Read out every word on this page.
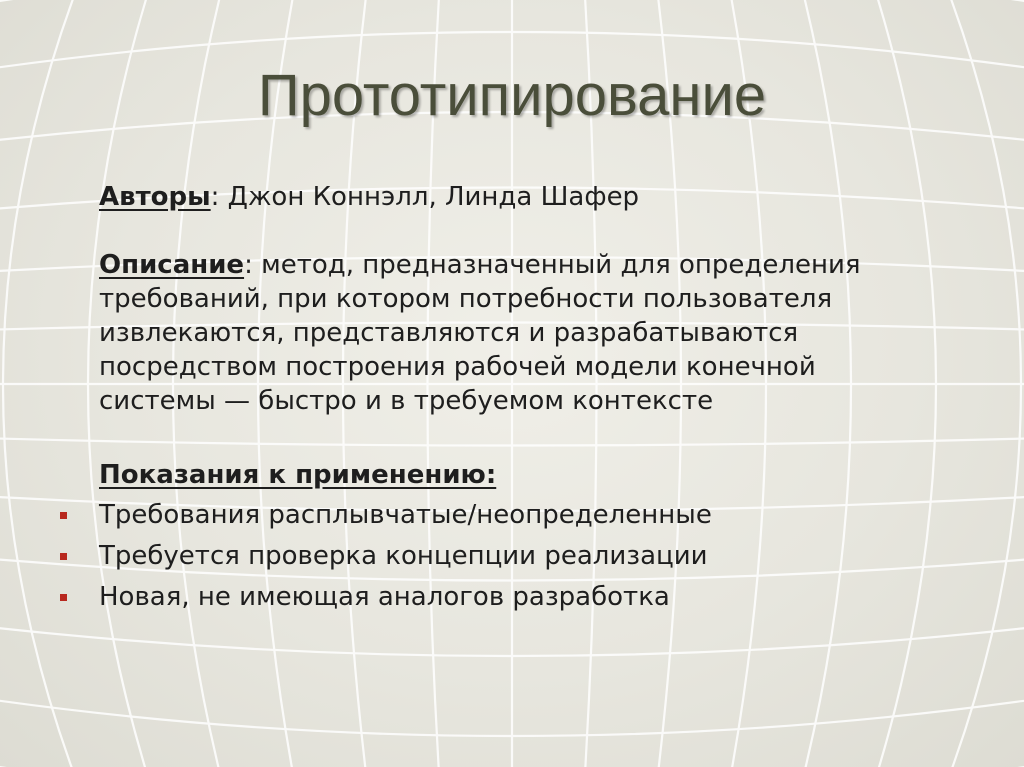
Прототипирование

Авторы: Джон Коннэлл, Линда Шафер

Описание: метод, предназначенный для определения
требований, при котором потребности пользователя
извлекаются, представляются и разрабатываются
посредством построения рабочей модели конечной
системы — быстро и в требуемом контексте

Показания к применению:

Требования расплывчатые/неопределенные
Требуется проверка концепции реализации
Новая, не имеющая аналогов разработка
